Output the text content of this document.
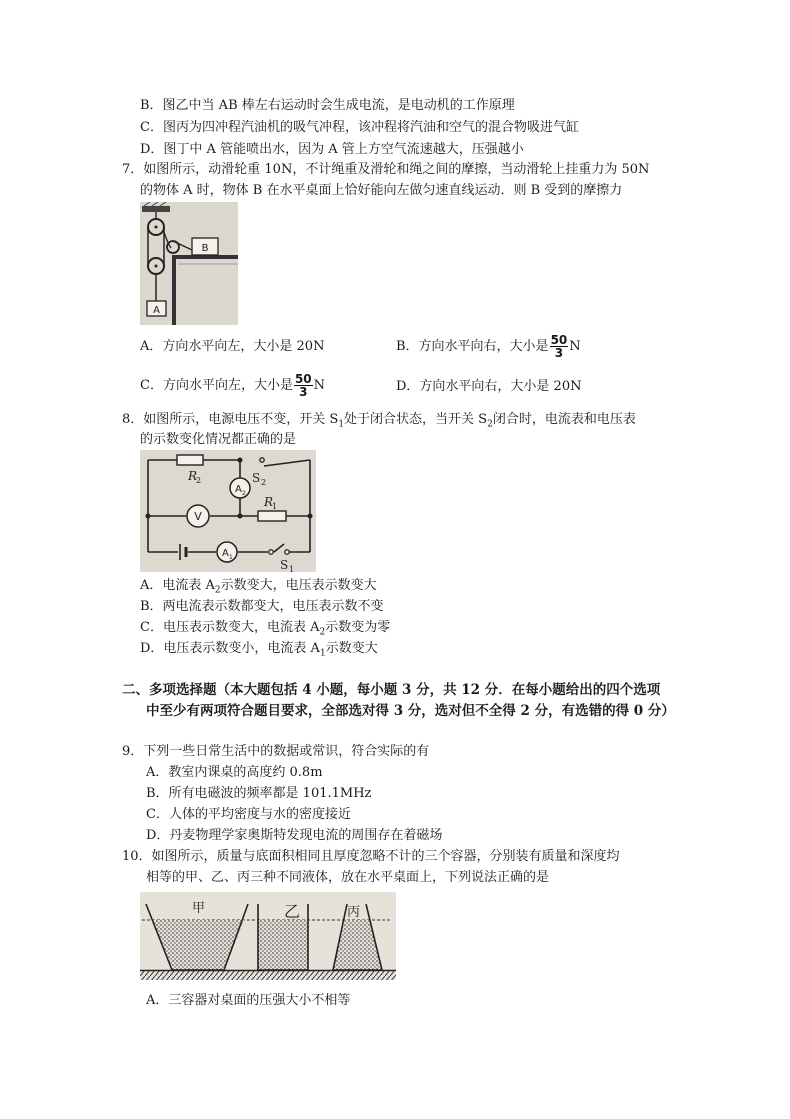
B．图乙中当 AB 棒左右运动时会生成电流，是电动机的工作原理
C．图丙为四冲程汽油机的吸气冲程，该冲程将汽油和空气的混合物吸进气缸
D．图丁中 A 管能喷出水，因为 A 管上方空气流速越大，压强越小
7．如图所示，动滑轮重 10N，不计绳重及滑轮和绳之间的摩擦，当动滑轮上挂重力为 50N
的物体 A 时，物体 B 在水平桌面上恰好能向左做匀速直线运动．则 B 受到的摩擦力
A
B
A．方向水平向左，大小是 20N	B．方向水平向右，大小是 $\frac{50}{3}$ N
C．方向水平向左，大小是 $\frac{50}{3}$ N	D．方向水平向右，大小是 20N
8．如图所示，电源电压不变，开关 $S_1$处于闭合状态，当开关 $S_2$闭合时，电流表和电压表
的示数变化情况都正确的是
R
2	S 2
A 2
V
R
1
A 1
S 1
A．电流表 $A_2$示数变大，电压表示数变大
B．两电流表示数都变大，电压表示数不变
C．电压表示数变大，电流表 $A_2$示数变为零
D．电压表示数变小，电流表 $A_1$示数变大
二、多项选择题（本大题包括 4 小题，每小题 3 分，共 12 分．在每小题给出的四个选项
中至少有两项符合题目要求，全部选对得 3 分，选对但不全得 2 分，有选错的得 0 分）
9．下列一些日常生活中的数据或常识，符合实际的有
A．教室内课桌的高度约 0.8m
B．所有电磁波的频率都是 101.1MHz
C．人体的平均密度与水的密度接近
D．丹麦物理学家奥斯特发现电流的周围存在着磁场
10．如图所示，质量与底面积相同且厚度忽略不计的三个容器，分别装有质量和深度均
相等的甲、乙、丙三种不同液体，放在水平桌面上，下列说法正确的是
甲	乙	丙
A．三容器对桌面的压强大小不相等
